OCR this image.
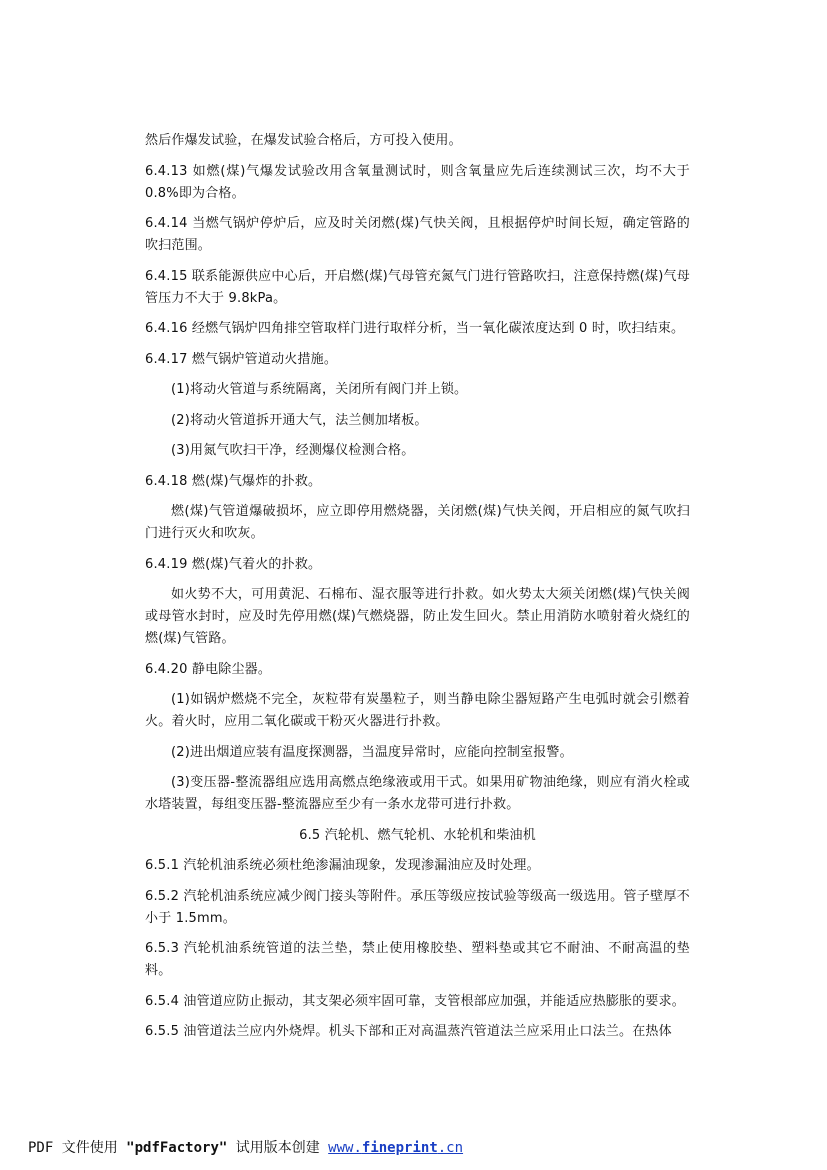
然后作爆发试验，在爆发试验合格后，方可投入使用。

6.4.13 如燃(煤)气爆发试验改用含氧量测试时，则含氧量应先后连续测试三次，均不大于0.8%即为合格。

6.4.14 当燃气锅炉停炉后，应及时关闭燃(煤)气快关阀，且根据停炉时间长短，确定管路的吹扫范围。

6.4.15 联系能源供应中心后，开启燃(煤)气母管充氮气门进行管路吹扫，注意保持燃(煤)气母管压力不大于 9.8kPa。

6.4.16 经燃气锅炉四角排空管取样门进行取样分析，当一氧化碳浓度达到 0 时，吹扫结束。

6.4.17 燃气锅炉管道动火措施。

(1)将动火管道与系统隔离，关闭所有阀门并上锁。

(2)将动火管道拆开通大气，法兰侧加堵板。

(3)用氮气吹扫干净，经测爆仪检测合格。

6.4.18 燃(煤)气爆炸的扑救。

燃(煤)气管道爆破损坏，应立即停用燃烧器，关闭燃(煤)气快关阀，开启相应的氮气吹扫门进行灭火和吹灰。

6.4.19 燃(煤)气着火的扑救。

如火势不大，可用黄泥、石棉布、湿衣服等进行扑救。如火势太大须关闭燃(煤)气快关阀或母管水封时，应及时先停用燃(煤)气燃烧器，防止发生回火。禁止用消防水喷射着火烧红的燃(煤)气管路。

6.4.20 静电除尘器。

(1)如锅炉燃烧不完全，灰粒带有炭墨粒子，则当静电除尘器短路产生电弧时就会引燃着火。着火时，应用二氧化碳或干粉灭火器进行扑救。

(2)进出烟道应装有温度探测器，当温度异常时，应能向控制室报警。

(3)变压器-整流器组应选用高燃点绝缘液或用干式。如果用矿物油绝缘，则应有消火栓或水塔装置，每组变压器-整流器应至少有一条水龙带可进行扑救。

6.5 汽轮机、燃气轮机、水轮机和柴油机

6.5.1 汽轮机油系统必须杜绝渗漏油现象，发现渗漏油应及时处理。

6.5.2 汽轮机油系统应减少阀门接头等附件。承压等级应按试验等级高一级选用。管子壁厚不小于 1.5mm。

6.5.3 汽轮机油系统管道的法兰垫，禁止使用橡胶垫、塑料垫或其它不耐油、不耐高温的垫料。

6.5.4 油管道应防止振动，其支架必须牢固可靠，支管根部应加强，并能适应热膨胀的要求。

6.5.5 油管道法兰应内外烧焊。机头下部和正对高温蒸汽管道法兰应采用止口法兰。在热体

PDF 文件使用 "pdfFactory" 试用版本创建 www.fineprint.cn
